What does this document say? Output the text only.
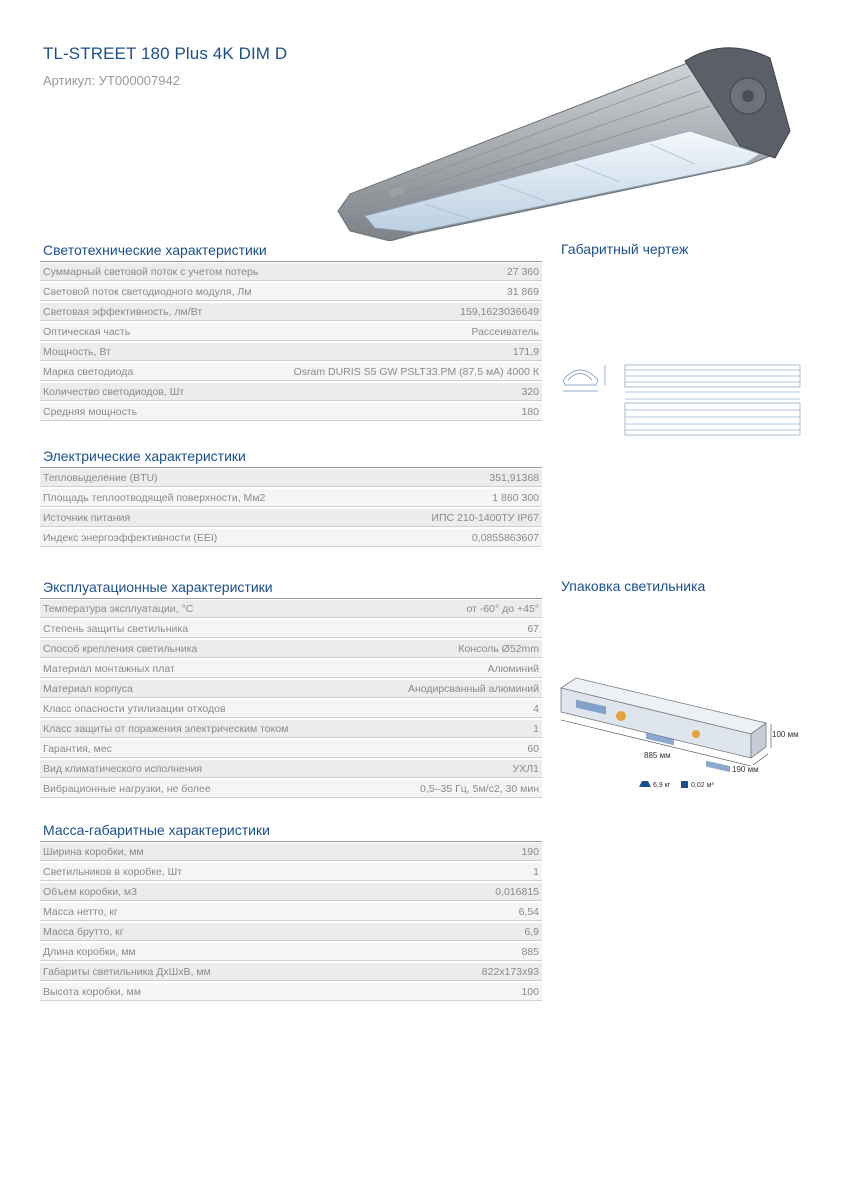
TL-STREET 180 Plus 4K DIM D
Артикул: УТ000007942
Светотехнические характеристики
Суммарный световой поток с учетом потерь	27 360
Световой поток светодиодного модуля, Лм	31 869
Световая эффективность, лм/Вт	159,1623036649
Оптическая часть	Рассеиватель
Мощность, Вт	171,9
Марка светодиода	Osram DURIS S5 GW PSLT33.PM (87,5 мА) 4000 К
Количество светодиодов, Шт	320
Средняя мощность	180
Электрические характеристики
Тепловыделение (BTU)	351,91368
Площадь теплоотводящей поверхности, Мм2	1 860 300
Источник питания	ИПС 210-1400ТУ IP67
Индекс энергоэффективности (EEI)	0,0855863607
Эксплуатационные характеристики
Температура эксплуатации, °C	от -60° до +45°
Степень защиты светильника	67
Способ крепления светильника	Консоль Ø52mm
Материал монтажных плат	Алюминий
Материал корпуса	Анодирсванный алюминий
Класс опасности утилизации отходов	4
Класс защиты от поражения электрическим током	1
Гарантия, мес	60
Вид климатического исполнения	УХЛ1
Вибрационные нагрузки, не более	0,5–35 Гц, 5м/с2, 30 мин
Масса-габаритные характеристики
Ширина коробки, мм	190
Светильников в коробке, Шт	1
Объем коробки, м3	0,016815
Масса нетто, кг	6,54
Масса брутто, кг	6,9
Длина коробки, мм	885
Габариты светильника ДхШхВ, мм	822x173x93
Высота коробки, мм	100
Габаритный чертеж
Упаковка светильника
100 мм
885 мм
190 мм
6,9 кг	0,02 м³
